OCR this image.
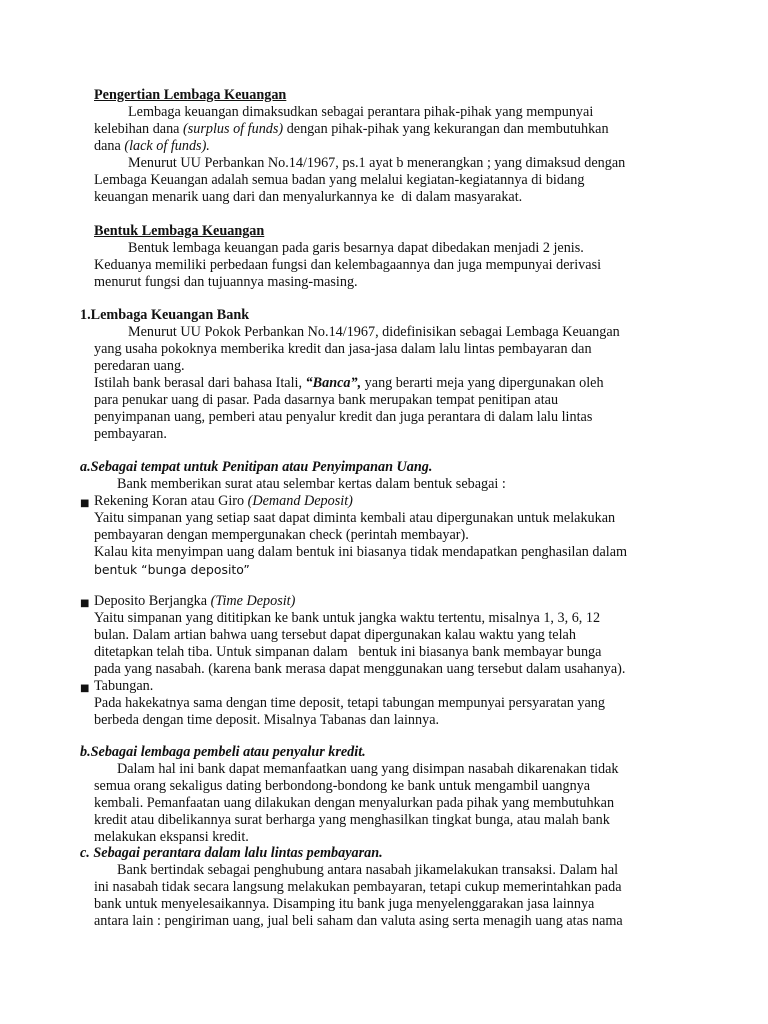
Pengertian Lembaga Keuangan
Lembaga keuangan dimaksudkan sebagai perantara pihak-pihak yang mempunyai
kelebihan dana (surplus of funds) dengan pihak-pihak yang kekurangan dan membutuhkan
dana (lack of funds).
Menurut UU Perbankan No.14/1967, ps.1 ayat b menerangkan ; yang dimaksud dengan
Lembaga Keuangan adalah semua badan yang melalui kegiatan-kegiatannya di bidang
keuangan menarik uang dari dan menyalurkannya ke  di dalam masyarakat.
Bentuk Lembaga Keuangan
Bentuk lembaga keuangan pada garis besarnya dapat dibedakan menjadi 2 jenis.
Keduanya memiliki perbedaan fungsi dan kelembagaannya dan juga mempunyai derivasi
menurut fungsi dan tujuannya masing-masing.
1.Lembaga Keuangan Bank
Menurut UU Pokok Perbankan No.14/1967, didefinisikan sebagai Lembaga Keuangan
yang usaha pokoknya memberika kredit dan jasa-jasa dalam lalu lintas pembayaran dan
peredaran uang.
Istilah bank berasal dari bahasa Itali, “Banca”, yang berarti meja yang dipergunakan oleh
para penukar uang di pasar. Pada dasarnya bank merupakan tempat penitipan atau
penyimpanan uang, pemberi atau penyalur kredit dan juga perantara di dalam lalu lintas
pembayaran.
a.Sebagai tempat untuk Penitipan atau Penyimpanan Uang.
Bank memberikan surat atau selembar kertas dalam bentuk sebagai :
■ Rekening Koran atau Giro (Demand Deposit)
Yaitu simpanan yang setiap saat dapat diminta kembali atau dipergunakan untuk melakukan
pembayaran dengan mempergunakan check (perintah membayar).
Kalau kita menyimpan uang dalam bentuk ini biasanya tidak mendapatkan penghasilan dalam
bentuk “bunga deposito”
■ Deposito Berjangka (Time Deposit)
Yaitu simpanan yang dititipkan ke bank untuk jangka waktu tertentu, misalnya 1, 3, 6, 12
bulan. Dalam artian bahwa uang tersebut dapat dipergunakan kalau waktu yang telah
ditetapkan telah tiba. Untuk simpanan dalam   bentuk ini biasanya bank membayar bunga
pada yang nasabah. (karena bank merasa dapat menggunakan uang tersebut dalam usahanya).
■ Tabungan.
Pada hakekatnya sama dengan time deposit, tetapi tabungan mempunyai persyaratan yang
berbeda dengan time deposit. Misalnya Tabanas dan lainnya.
b.Sebagai lembaga pembeli atau penyalur kredit.
Dalam hal ini bank dapat memanfaatkan uang yang disimpan nasabah dikarenakan tidak
semua orang sekaligus dating berbondong-bondong ke bank untuk mengambil uangnya
kembali. Pemanfaatan uang dilakukan dengan menyalurkan pada pihak yang membutuhkan
kredit atau dibelikannya surat berharga yang menghasilkan tingkat bunga, atau malah bank
melakukan ekspansi kredit.
c. Sebagai perantara dalam lalu lintas pembayaran.
Bank bertindak sebagai penghubung antara nasabah jikamelakukan transaksi. Dalam hal
ini nasabah tidak secara langsung melakukan pembayaran, tetapi cukup memerintahkan pada
bank untuk menyelesaikannya. Disamping itu bank juga menyelenggarakan jasa lainnya
antara lain : pengiriman uang, jual beli saham dan valuta asing serta menagih uang atas nama
